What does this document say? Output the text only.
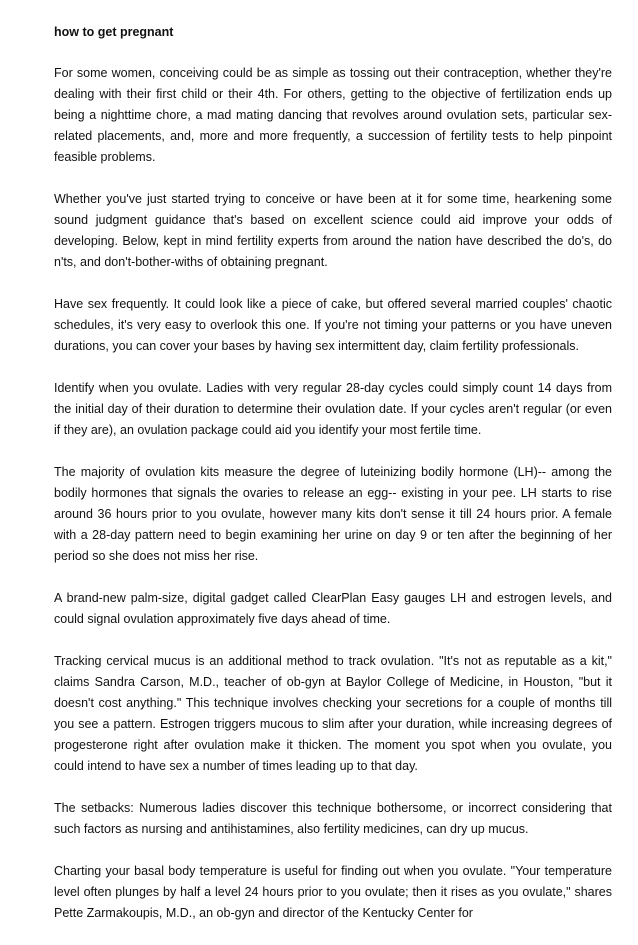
how to get pregnant

For some women, conceiving could be as simple as tossing out their contraception, whether they're dealing with their first child or their 4th. For others, getting to the objective of fertilization ends up being a nighttime chore, a mad mating dancing that revolves around ovulation sets, particular sex-related placements, and, more and more frequently, a succession of fertility tests to help pinpoint feasible problems.

Whether you've just started trying to conceive or have been at it for some time, hearkening some sound judgment guidance that's based on excellent science could aid improve your odds of developing. Below, kept in mind fertility experts from around the nation have described the do's, do n'ts, and don't-bother-withs of obtaining pregnant.

Have sex frequently. It could look like a piece of cake, but offered several married couples' chaotic schedules, it's very easy to overlook this one. If you're not timing your patterns or you have uneven durations, you can cover your bases by having sex intermittent day, claim fertility professionals.

Identify when you ovulate. Ladies with very regular 28-day cycles could simply count 14 days from the initial day of their duration to determine their ovulation date. If your cycles aren't regular (or even if they are), an ovulation package could aid you identify your most fertile time.

The majority of ovulation kits measure the degree of luteinizing bodily hormone (LH)-- among the bodily hormones that signals the ovaries to release an egg-- existing in your pee. LH starts to rise around 36 hours prior to you ovulate, however many kits don't sense it till 24 hours prior. A female with a 28-day pattern need to begin examining her urine on day 9 or ten after the beginning of her period so she does not miss her rise.

A brand-new palm-size, digital gadget called ClearPlan Easy gauges LH and estrogen levels, and could signal ovulation approximately five days ahead of time.

Tracking cervical mucus is an additional method to track ovulation. "It's not as reputable as a kit," claims Sandra Carson, M.D., teacher of ob-gyn at Baylor College of Medicine, in Houston, "but it doesn't cost anything." This technique involves checking your secretions for a couple of months till you see a pattern. Estrogen triggers mucous to slim after your duration, while increasing degrees of progesterone right after ovulation make it thicken. The moment you spot when you ovulate, you could intend to have sex a number of times leading up to that day.

The setbacks: Numerous ladies discover this technique bothersome, or incorrect considering that such factors as nursing and antihistamines, also fertility medicines, can dry up mucus.

Charting your basal body temperature is useful for finding out when you ovulate. "Your temperature level often plunges by half a level 24 hours prior to you ovulate; then it rises as you ovulate," shares Pette Zarmakoupis, M.D., an ob-gyn and director of the Kentucky Center for
